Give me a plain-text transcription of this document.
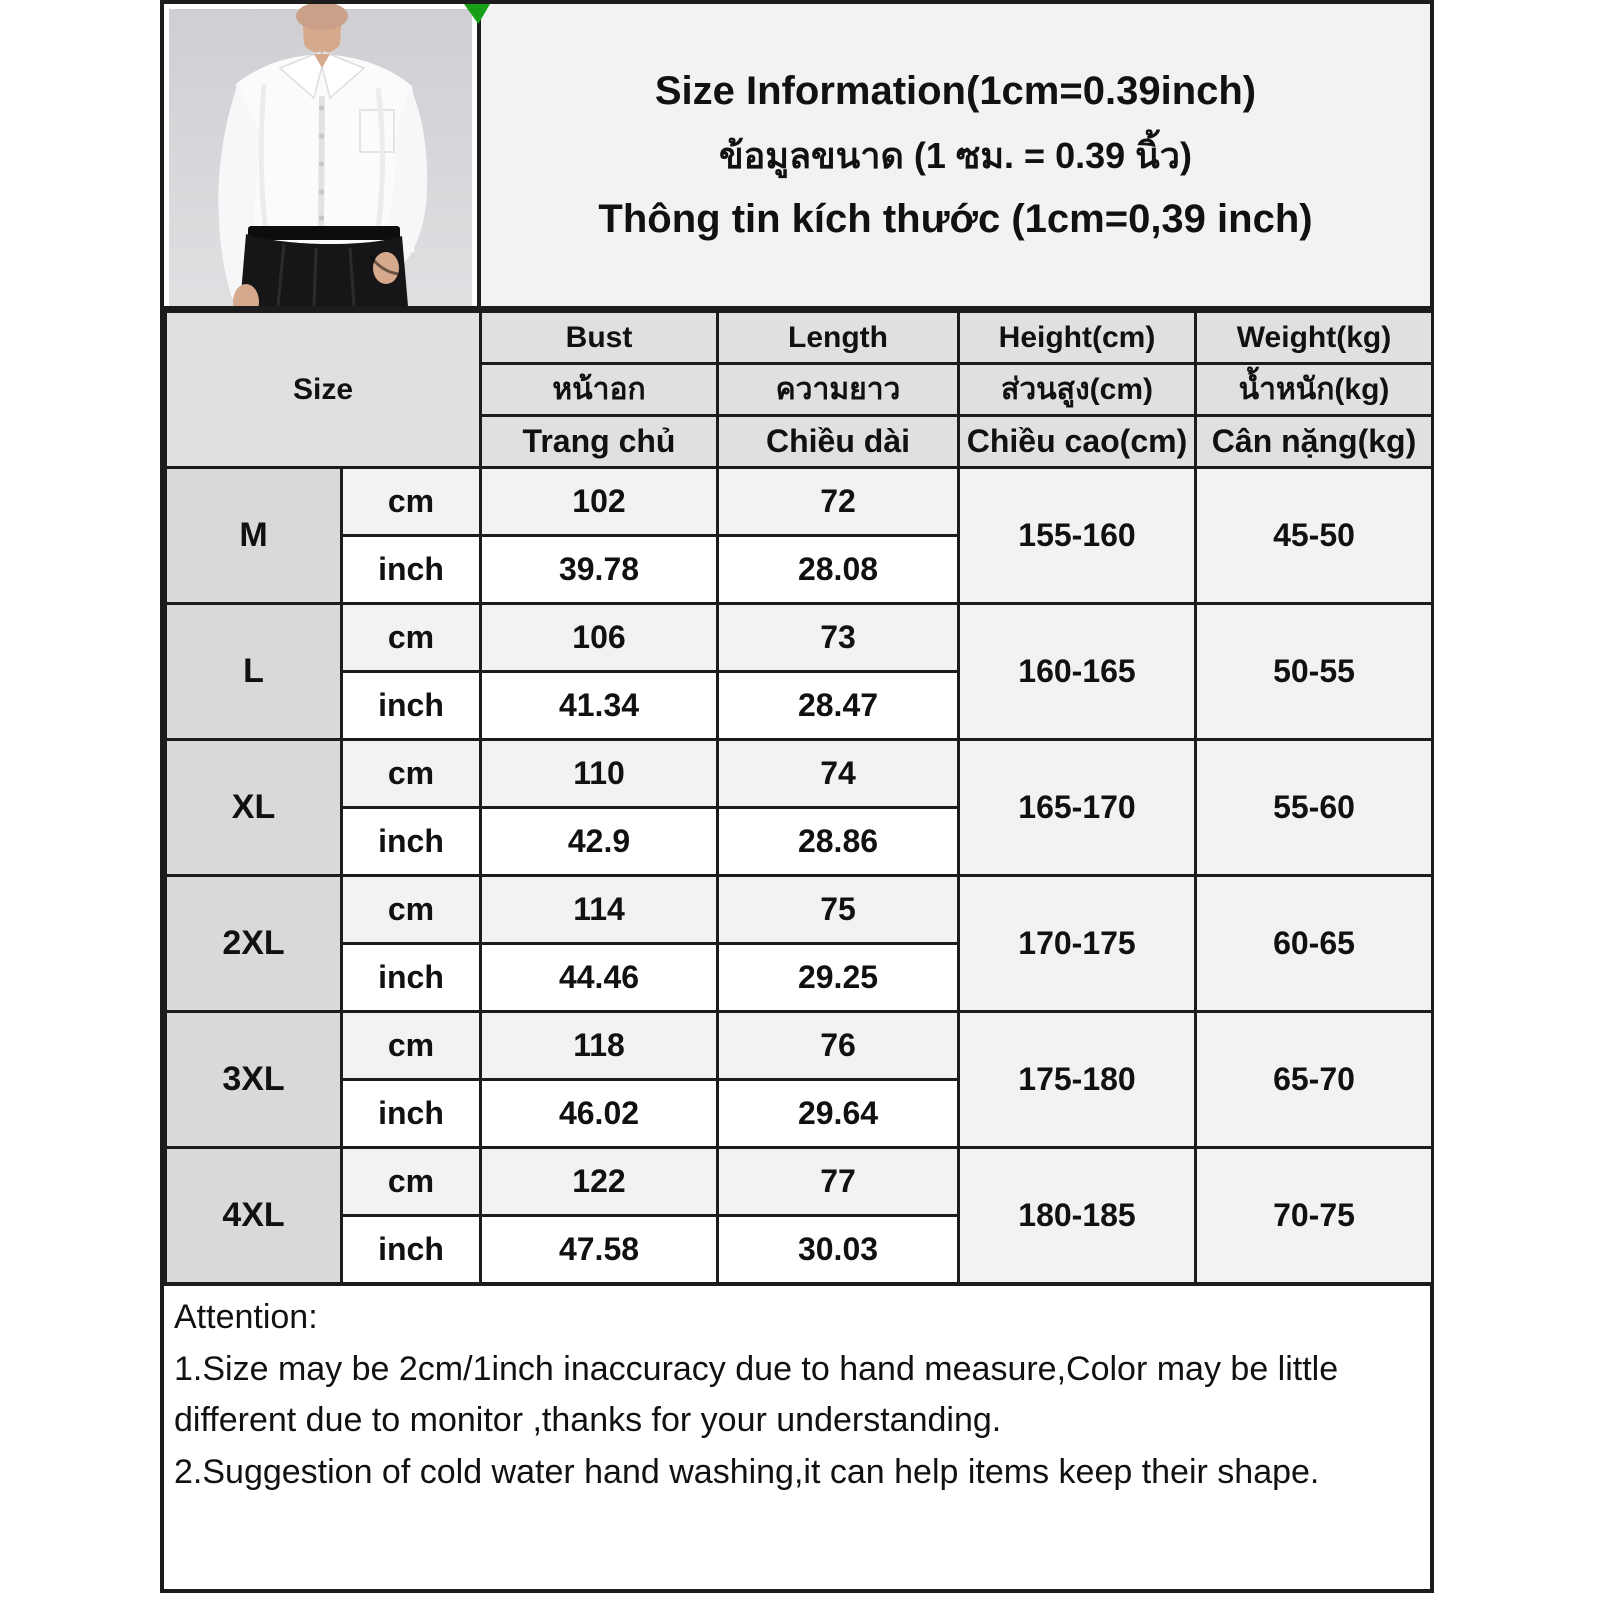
Size Information(1cm=0.39inch)
ข้อมูลขนาด (1 ซม. = 0.39 นิ้ว)
Thông tin kích thước (1cm=0,39 inch)
Size		Bust	Length	Height(cm)	Weight(kg)
		หน้าอก	ความยาว	ส่วนสูง(cm)	น้ำหนัก(kg)
		Trang chủ	Chiều dài	Chiều cao(cm)	Cân nặng(kg)
M	cm	102	72	155-160	45-50
	inch	39.78	28.08		
L	cm	106	73	160-165	50-55
	inch	41.34	28.47		
XL	cm	110	74	165-170	55-60
	inch	42.9	28.86		
2XL	cm	114	75	170-175	60-65
	inch	44.46	29.25		
3XL	cm	118	76	175-180	65-70
	inch	46.02	29.64		
4XL	cm	122	77	180-185	70-75
	inch	47.58	30.03		
Attention:
1.Size may be 2cm/1inch inaccuracy due to hand measure,Color may be little different due to monitor ,thanks for your understanding.
2.Suggestion of cold water hand washing,it can help items keep their shape.
